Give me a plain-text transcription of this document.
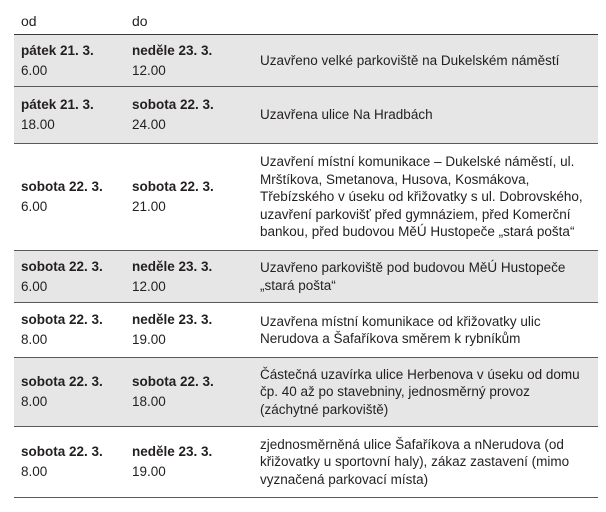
od	do
pátek 21. 3.
6.00
neděle 23. 3.
12.00
Uzavřeno velké parkoviště na Dukelském náměstí
pátek 21. 3.
18.00
sobota 22. 3.
24.00
Uzavřena ulice Na Hradbách
sobota 22. 3.
6.00
sobota 22. 3.
21.00
Uzavření místní komunikace – Dukelské náměstí, ul. Mrštíkova, Smetanova, Husova, Kosmákova, Třebízského v úseku od křižovatky s ul. Dobrovského, uzavření parkovišť před gymnáziem, před Komerční bankou, před budovou MěÚ Hustopeče „stará pošta“
sobota 22. 3.
6.00
neděle 23. 3.
12.00
Uzavřeno parkoviště pod budovou MěÚ Hustopeče „stará pošta“
sobota 22. 3.
8.00
neděle 23. 3.
19.00
Uzavřena místní komunikace od křižovatky ulic Nerudova a Šafaříkova směrem k rybníkům
sobota 22. 3.
8.00
sobota 22. 3.
18.00
Částečná uzavírka ulice Herbenova v úseku od domu čp. 40 až po stavebniny, jednosměrný provoz (záchytné parkoviště)
sobota 22. 3.
8.00
neděle 23. 3.
19.00
zjednosměrněná ulice Šafaříkova a nNerudova (od křižovatky u sportovní haly), zákaz zastavení (mimo vyznačená parkovací místa)
